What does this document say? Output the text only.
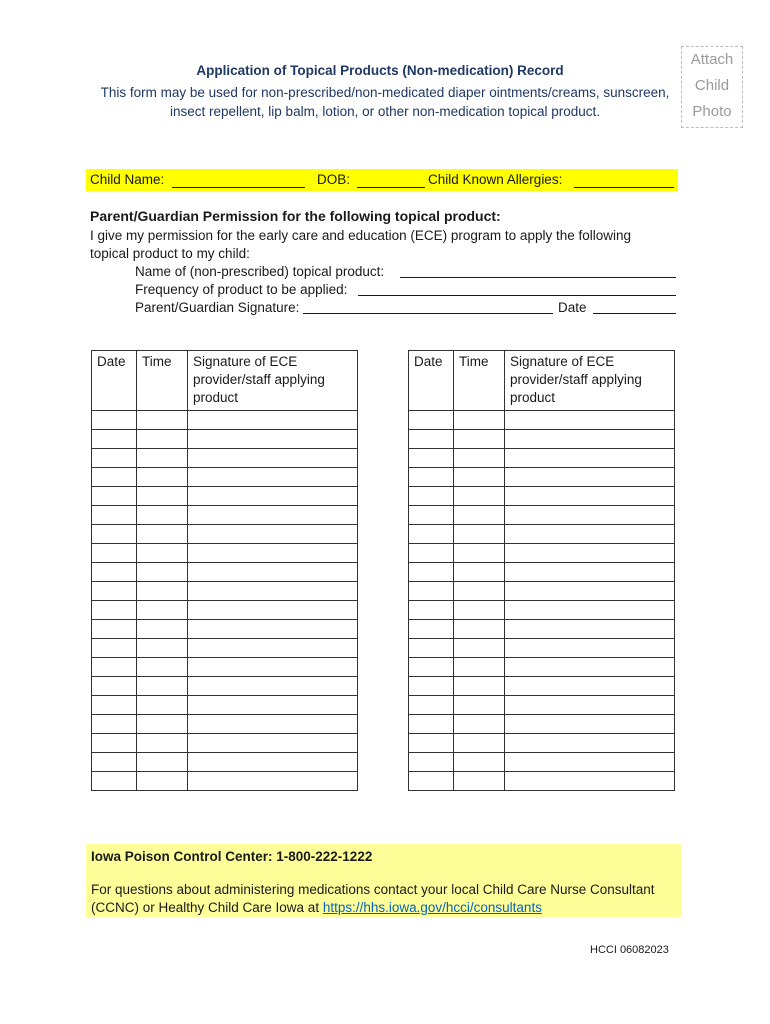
Attach
Child
Photo
Application of Topical Products (Non-medication) Record
This form may be used for non-prescribed/non-medicated diaper ointments/creams, sunscreen,
insect repellent, lip balm, lotion, or other non-medication topical product.
Child Name:	DOB:	Child Known Allergies:
Parent/Guardian Permission for the following topical product:
I give my permission for the early care and education (ECE) program to apply the following
topical product to my child:
Name of (non-prescribed) topical product:
Frequency of product to be applied:
Parent/Guardian Signature:	Date
Date	Time	Signature of ECE provider/staff applying product

Date	Time	Signature of ECE provider/staff applying product

Iowa Poison Control Center: 1-800-222-1222
For questions about administering medications contact your local Child Care Nurse Consultant
(CCNC) or Healthy Child Care Iowa at https://hhs.iowa.gov/hcci/consultants
HCCI 06082023
